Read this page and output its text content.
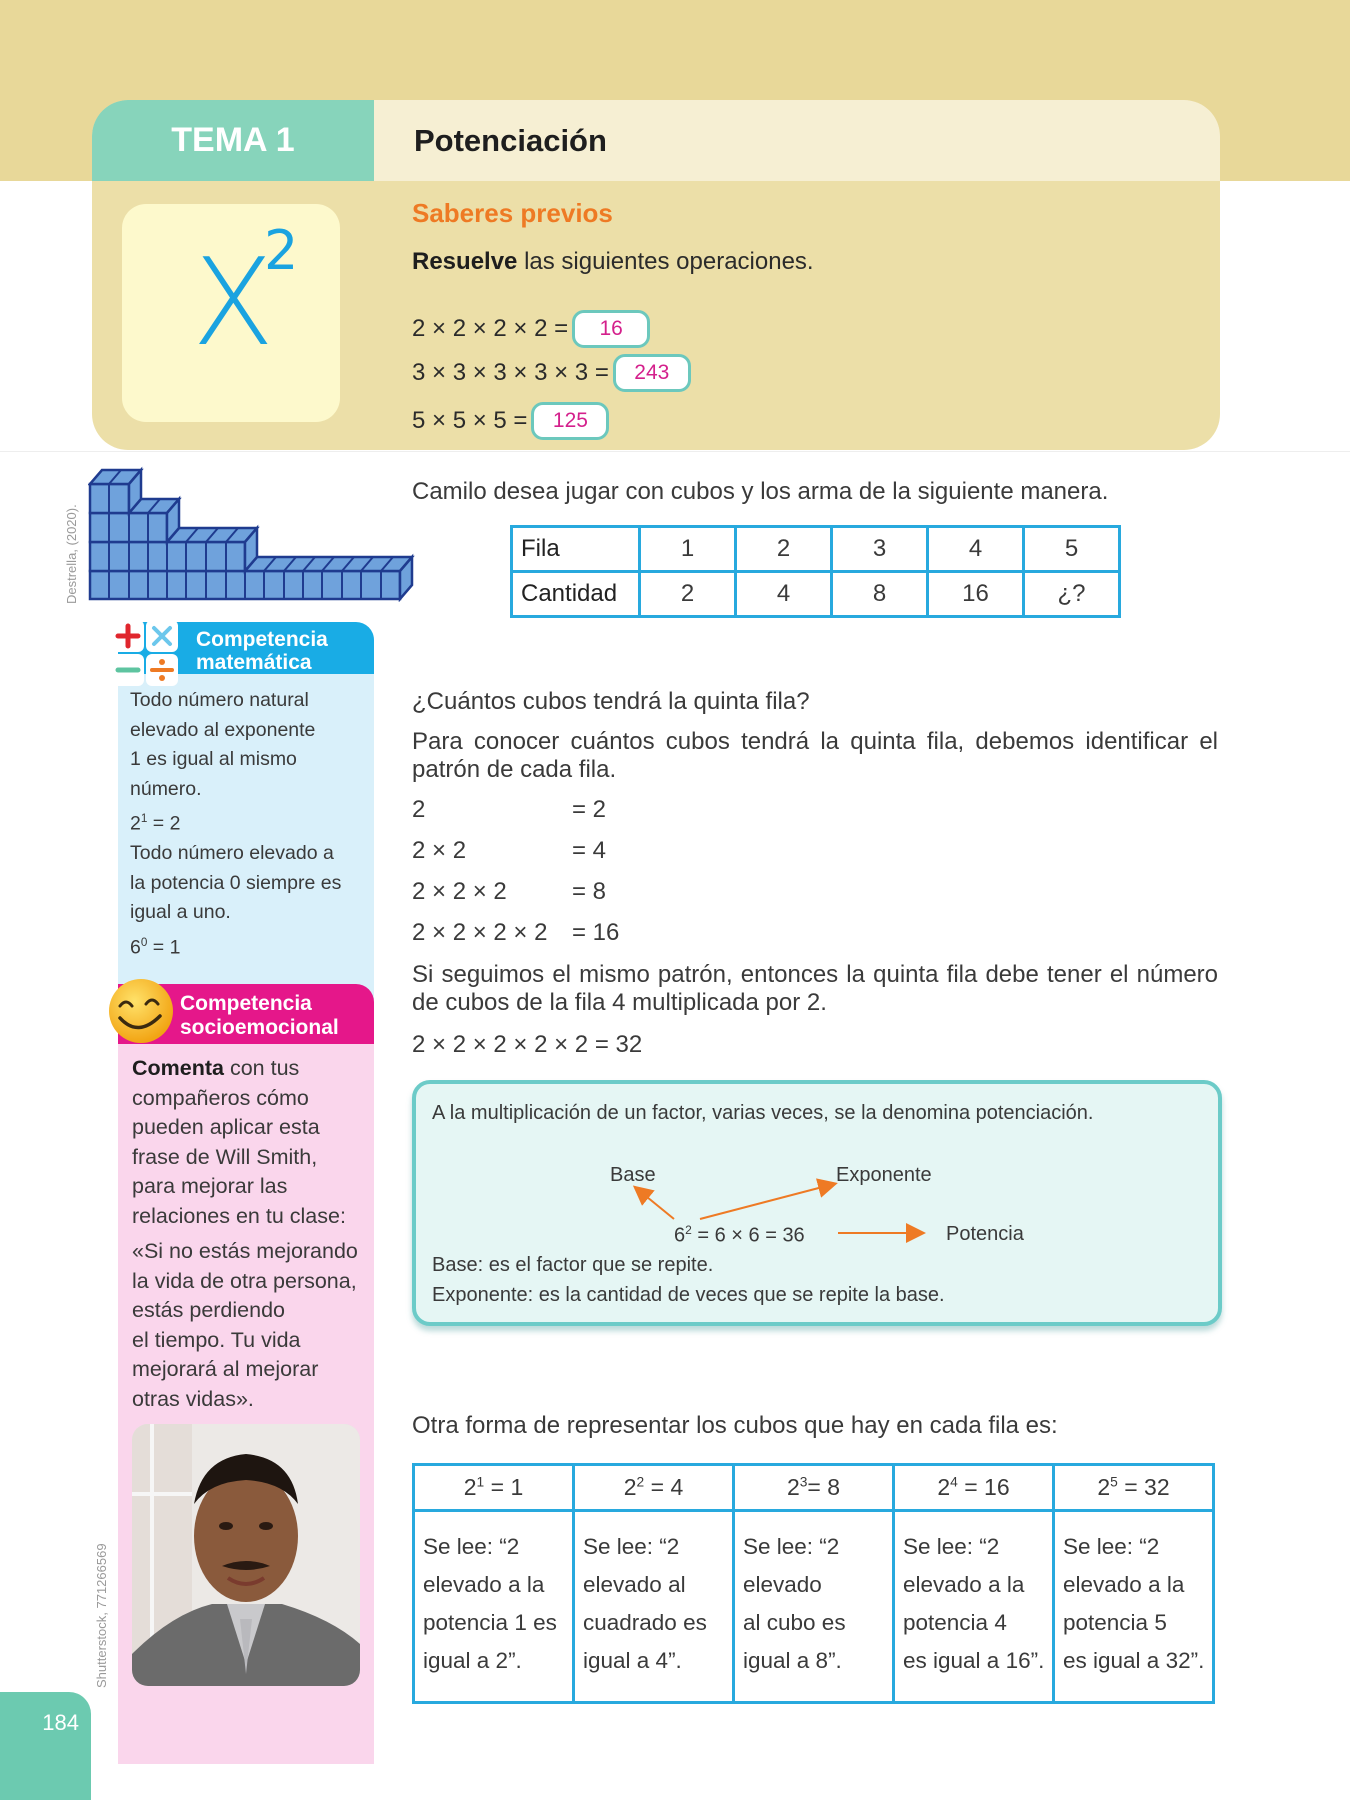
TEMA 1	Potenciación
X
2
Saberes previos
Resuelve las siguientes operaciones.
2 × 2 × 2 × 2 =	16
3 × 3 × 3 × 3 × 3 =	243
5 × 5 × 5 =	125
Destrella, (2020).
Shutterstock, 771266569
Competencia
matemática
Todo número natural
elevado al exponente
1 es igual al mismo
número.
$2^1 = 2$
Todo número elevado a
la potencia 0 siempre es
igual a uno.
$6^0 = 1$
Competencia
socioemocional
Comenta con tus
compañeros cómo
pueden aplicar esta
frase de Will Smith,
para mejorar las
relaciones en tu clase:
«Si no estás mejorando
la vida de otra persona,
estás perdiendo
el tiempo. Tu vida
mejorará al mejorar
otras vidas».
Camilo desea jugar con cubos y los arma de la siguiente manera.
Fila	1	2	3	4	5
Cantidad	2	4	8	16	¿?
¿Cuántos cubos tendrá la quinta fila?
Para conocer cuántos cubos tendrá la quinta fila, debemos identificar el
patrón de cada fila.
2	= 2
2 × 2	= 4
2 × 2 × 2	= 8
2 × 2 × 2 × 2	= 16
Si seguimos el mismo patrón, entonces la quinta fila debe tener el número
de cubos de la fila 4 multiplicada por 2.
2 × 2 × 2 × 2 × 2 = 32
A la multiplicación de un factor, varias veces, se la denomina potenciación.
Base	Exponente
Potencia
$6^2 = 6 \times 6 = 36$
Base: es el factor que se repite.
Exponente: es la cantidad de veces que se repite la base.
Otra forma de representar los cubos que hay en cada fila es:
$2^1 = 1$	$2^2 = 4$	$2^3= 8$	$2^4 = 16$	$2^5 = 32$

Se lee: “2
elevado a la
potencia 1 es
igual a 2”.

Se lee: “2
elevado al
cuadrado es
igual a 4”.

Se lee: “2
elevado
al cubo es
igual a 8”.

Se lee: “2
elevado a la
potencia 4
es igual a 16”.

Se lee: “2
elevado a la
potencia 5
es igual a 32”.
184
